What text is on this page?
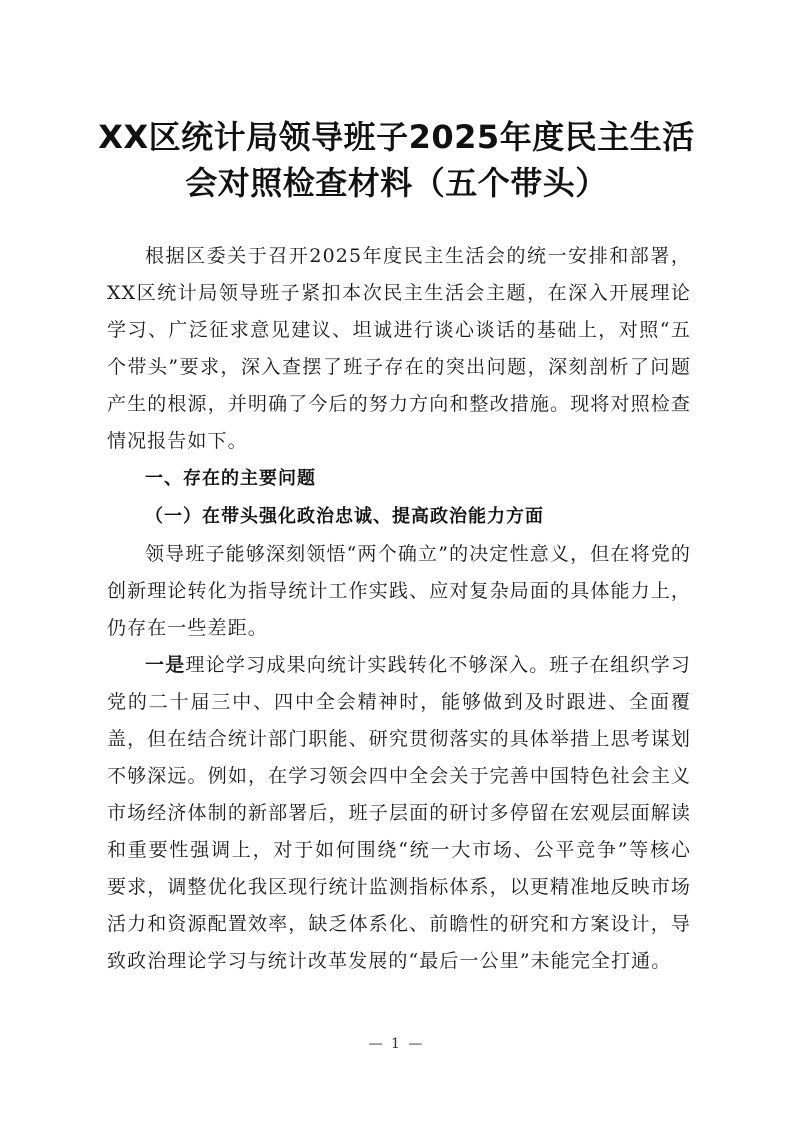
XX区统计局领导班子2025年度民主生活
会对照检查材料（五个带头）

根据区委关于召开2025年度民主生活会的统一安排和部署，XX区统计局领导班子紧扣本次民主生活会主题，在深入开展理论学习、广泛征求意见建议、坦诚进行谈心谈话的基础上，对照“五个带头”要求，深入查摆了班子存在的突出问题，深刻剖析了问题产生的根源，并明确了今后的努力方向和整改措施。现将对照检查情况报告如下。

一、存在的主要问题

（一）在带头强化政治忠诚、提高政治能力方面

领导班子能够深刻领悟“两个确立”的决定性意义，但在将党的创新理论转化为指导统计工作实践、应对复杂局面的具体能力上，仍存在一些差距。

一是理论学习成果向统计实践转化不够深入。班子在组织学习党的二十届三中、四中全会精神时，能够做到及时跟进、全面覆盖，但在结合统计部门职能、研究贯彻落实的具体举措上思考谋划不够深远。例如，在学习领会四中全会关于完善中国特色社会主义市场经济体制的新部署后，班子层面的研讨多停留在宏观层面解读和重要性强调上，对于如何围绕“统一大市场、公平竞争”等核心要求，调整优化我区现行统计监测指标体系，以更精准地反映市场活力和资源配置效率，缺乏体系化、前瞻性的研究和方案设计，导致政治理论学习与统计改革发展的“最后一公里”未能完全打通。

— 1 —
